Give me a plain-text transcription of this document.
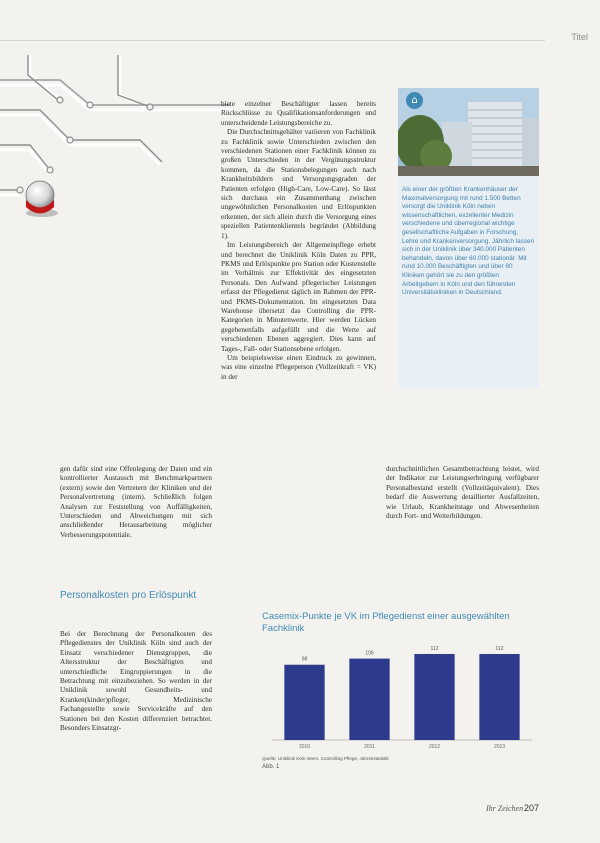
Titel

gen dafür sind eine Offenlegung der Daten und ein kontrollierter Austausch mit Benchmarkpartnern (extern) sowie den Vertretern der Kliniken und der Personalvertretung (intern). Schließlich folgen Analysen zur Feststellung von Auffälligkeiten, Unterschieden und Abweichungen mit sich anschließender Herausarbeitung möglicher Verbesserungspotentiale.

Personalkosten pro Erlöspunkt

Bei der Berechnung der Personalkosten des Pflegedienstes der Uniklinik Köln sind auch der Einsatz verschiedener Dienstgruppen, die Altersstruktur der Beschäftigten und unterschiedliche Eingruppierungen in die Betrachtung mit einzubeziehen. So werden in der Uniklinik sowohl Gesundheits- und Kranken(kinder)pfleger, Medizinische Fachangestellte sowie Servicekräfte auf den Stationen bei den Kosten differenziert betrachtet. Besonders Einsatzgr-

biete einzelner Beschäftigter lassen bereits Rückschlüsse zu Qualifikationsanforderungen und unterscheidende Leistungsbereiche zu.

Die Durchschnittsgehälter variieren von Fachklinik zu Fachklinik sowie Unterschieden zwischen den verschiedenen Stationen einer Fachklinik können zu großen Unterschieden in der Vergütungsstruktur kommen, da die Stationsbelegungen auch nach Krankheitsbildern und Versorgungsgraden der Patienten erfolgen (High-Care, Low-Care). So lässt sich durchaus ein Zusammenhang zwischen ungewöhnlichen Personalkosten und Erlöspunkten erkennen, der sich allein durch die Versorgung eines speziellen Patientenklientels begründet (Abbildung 1).

Im Leistungsbereich der Allgemeinpflege erhebt und berechnet die Uniklinik Köln Daten zu PPR, PKMS und Erlöspunkte pro Station oder Kostenstelle im Verhältnis zur Effektivität des eingesetzten Personals. Den Aufwand pflegerischer Leistungen erfasst der Pflegedienst täglich im Rahmen der PPR- und PKMS-Dokumentation. Im eingesetzten Data Warehouse übersetzt das Controlling die PPR-Kategorien in Minutenwerte. Hier werden Lücken gegebenenfalls aufgefüllt und die Werte auf verschiedenen Ebenen aggregiert. Dies kann auf Tages-, Fall- oder Stationsebene erfolgen.

Um beispielsweise einen Eindruck zu gewinnen, was eine einzelne Pflegeperson (Vollzeitkraft = VK) in der

durchschnittlichen Gesamtbetrachtung leistet, wird der Indikator zur Leistungserbringung verfügbarer Personalbestand erstellt (Vollzeitäquivalent). Dies bedarf die Auswertung detaillierter Ausfallzeiten, wie Urlaub, Krankheitstage und Abwesenheiten durch Fort- und Weiterbildungen.

⌂
Als einer der größten Krankenhäuser der Maximalversorgung mit rund 1.500 Betten versorgt die Uniklinik Köln neben wissenschaftlichen, exzellenter Medizin verschiedene und überregional wichtige gesellschaftliche Aufgaben in Forschung, Lehre und Krankenversorgung. Jährlich lassen sich in der Uniklinik über 340.000 Patienten behandeln, davon über 60.000 stationär. Mit rund 10.000 Beschäftigten und über 80 Kliniken gehört sie zu den größten Arbeitgebern in Köln und den führenden Universitätskliniken in Deutschland.
Casemix-Punkte je VK im Pflegedienst einer ausgewählten Fachklinik
98
2010
106
2011
112
2012
112
2013
Quelle: Uniklinik Köln intern, Controlling Pflege, Jahresstatistik
Abb. 1
Ihr Zeichen 207
